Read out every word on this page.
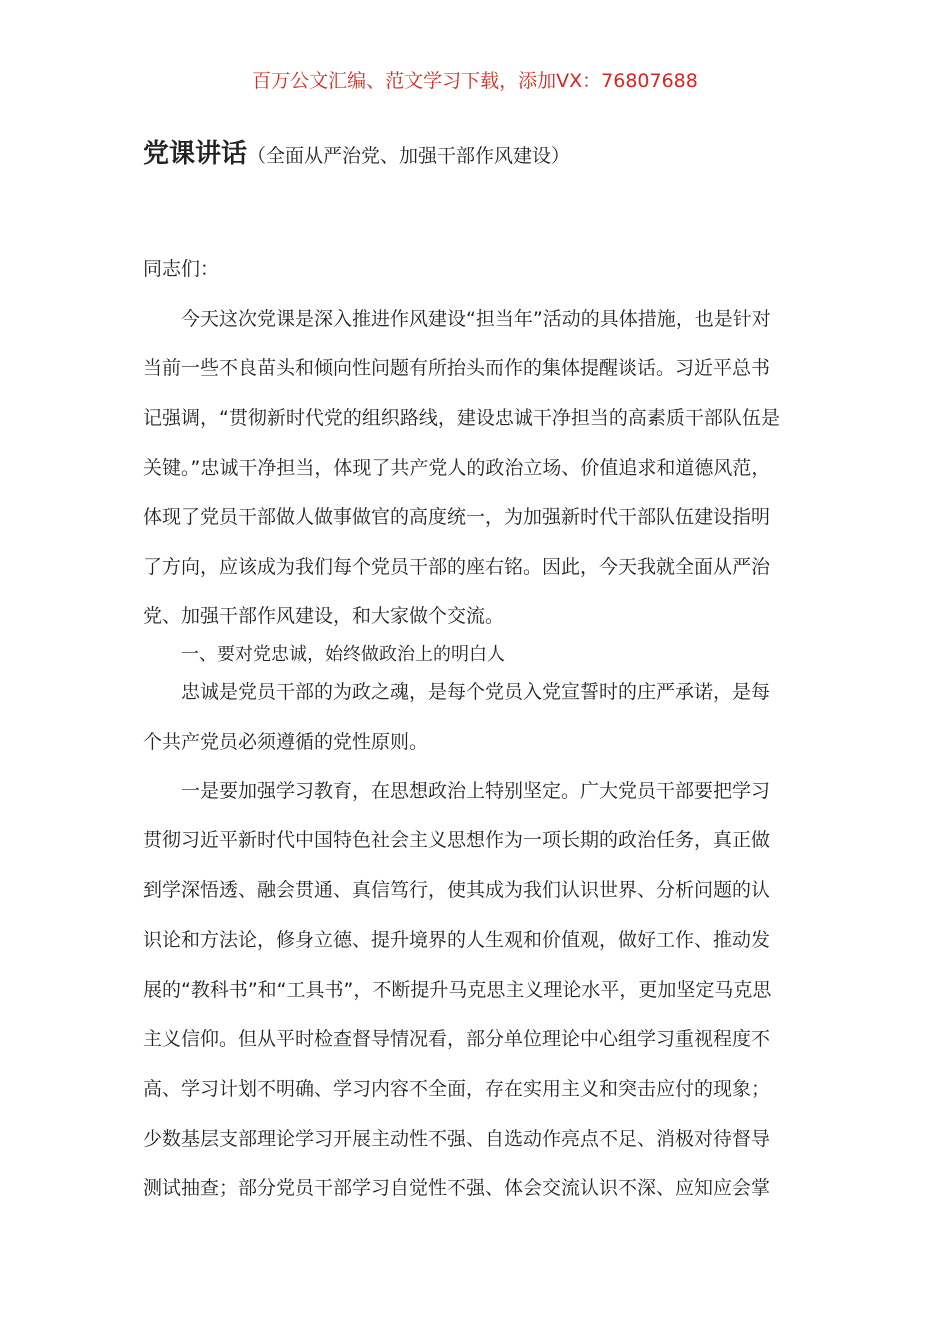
百万公文汇编、范文学习下载，添加VX：76807688
党课讲话（全面从严治党、加强干部作风建设）
同志们：
今天这次党课是深入推进作风建设“担当年”活动的具体措施，也是针对
当前一些不良苗头和倾向性问题有所抬头而作的集体提醒谈话。习近平总书
记强调，“贯彻新时代党的组织路线，建设忠诚干净担当的高素质干部队伍是
关键。”忠诚干净担当，体现了共产党人的政治立场、价值追求和道德风范，
体现了党员干部做人做事做官的高度统一，为加强新时代干部队伍建设指明
了方向，应该成为我们每个党员干部的座右铭。因此，今天我就全面从严治
党、加强干部作风建设，和大家做个交流。
一、要对党忠诚，始终做政治上的明白人
忠诚是党员干部的为政之魂，是每个党员入党宣誓时的庄严承诺，是每
个共产党员必须遵循的党性原则。
一是要加强学习教育，在思想政治上特别坚定。广大党员干部要把学习
贯彻习近平新时代中国特色社会主义思想作为一项长期的政治任务，真正做
到学深悟透、融会贯通、真信笃行，使其成为我们认识世界、分析问题的认
识论和方法论，修身立德、提升境界的人生观和价值观，做好工作、推动发
展的“教科书”和“工具书”，不断提升马克思主义理论水平，更加坚定马克思
主义信仰。但从平时检查督导情况看，部分单位理论中心组学习重视程度不
高、学习计划不明确、学习内容不全面，存在实用主义和突击应付的现象；
少数基层支部理论学习开展主动性不强、自选动作亮点不足、消极对待督导
测试抽查；部分党员干部学习自觉性不强、体会交流认识不深、应知应会掌
